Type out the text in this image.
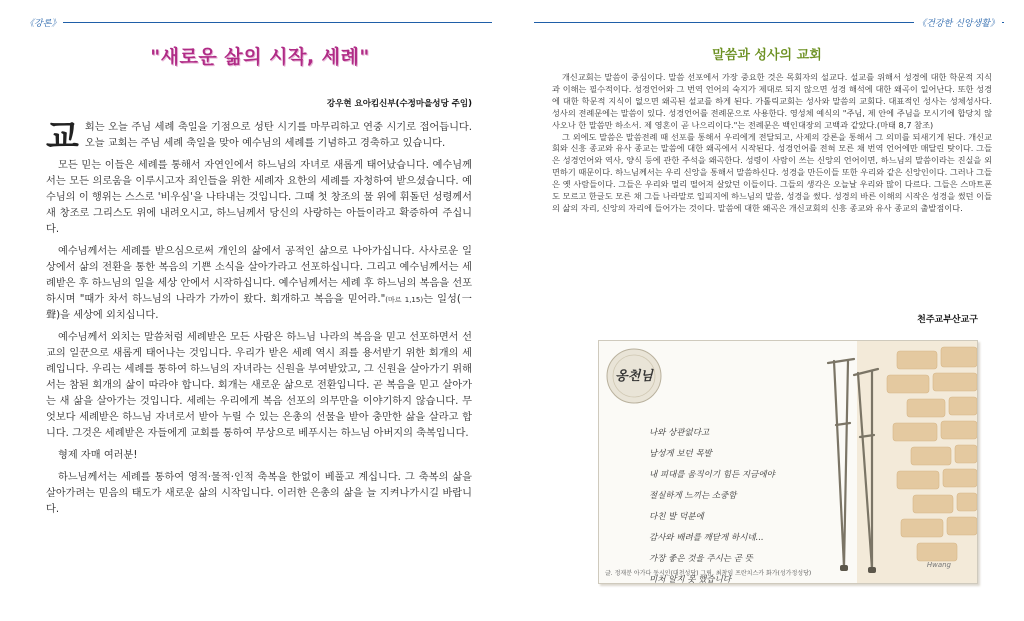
《강론》
"새로운 삶의 시작, 세례"
강우현 요아킴신부(수정마을성당 주임)

교회는 오늘 주님 세례 축일을 기점으로 성탄 시기를 마무리하고 연중 시기로 접어듭니다. 오늘 교회는 주님 세례 축일을 맞아 예수님의 세례를 기념하고 경축하고 있습니다.

모든 믿는 이들은 세례를 통해서 자연인에서 하느님의 자녀로 새롭게 태어났습니다. 예수님께서는 모든 의로움을 이루시고자 죄인들을 위한 세례자 요한의 세례를 자청하여 받으셨습니다. 예수님의 이 행위는 스스로 '비우심'을 나타내는 것입니다. 그때 첫 창조의 물 위에 휘돌던 성령께서 새 창조로 그리스도 위에 내려오시고, 하느님께서 당신의 사랑하는 아들이라고 확증하여 주십니다.

예수님께서는 세례를 받으심으로써 개인의 삶에서 공적인 삶으로 나아가십니다. 사사로운 일상에서 삶의 전환을 통한 복음의 기쁜 소식을 살아가라고 선포하십니다. 그리고 예수님께서는 세례받은 후 하느님의 일을 세상 안에서 시작하십니다. 예수님께서는 세례 후 하느님의 복음을 선포하시며 "때가 차서 하느님의 나라가 가까이 왔다. 회개하고 복음을 믿어라."(마르 1,15)는 일성(一聲)을 세상에 외치십니다.

예수님께서 외치는 말씀처럼 세례받은 모든 사람은 하느님 나라의 복음을 믿고 선포하면서 선교의 일꾼으로 새롭게 태어나는 것입니다. 우리가 받은 세례 역시 죄를 용서받기 위한 회개의 세례입니다. 우리는 세례를 통하여 하느님의 자녀라는 신원을 부여받았고, 그 신원을 살아가기 위해서는 참된 회개의 삶이 따라야 합니다. 회개는 새로운 삶으로 전환입니다. 곧 복음을 믿고 살아가는 새 삶을 살아가는 것입니다. 세례는 우리에게 복음 선포의 의무만을 이야기하지 않습니다. 무엇보다 세례받은 하느님 자녀로서 받아 누릴 수 있는 은총의 선물을 받아 충만한 삶을 살라고 합니다. 그것은 세례받은 자들에게 교회를 통하여 무상으로 베푸시는 하느님 아버지의 축복입니다.

형제 자매 여러분!

하느님께서는 세례를 통하여 영적·물적·인적 축복을 한없이 베풀고 계십니다. 그 축복의 삶을 살아가려는 믿음의 태도가 새로운 삶의 시작입니다. 이러한 은총의 삶을 늘 지켜나가시길 바랍니다.

《건강한 신앙생활》
말씀과 성사의 교회

개신교회는 말씀이 중심이다. 말씀 선포에서 가장 중요한 것은 목회자의 설교다. 설교를 위해서 성경에 대한 학문적 지식과 이해는 필수적이다. 성경언어와 그 번역 언어의 숙지가 제대로 되지 않으면 성경 해석에 대한 왜곡이 일어난다. 또한 성경에 대한 학문적 지식이 없으면 왜곡된 설교를 하게 된다. 가톨릭교회는 성사와 말씀의 교회다. 대표적인 성사는 성체성사다. 성사의 전례문에는 말씀이 있다. 성경언어를 전례문으로 사용한다. 영성체 예식의 "주님, 제 안에 주님을 모시기에 합당치 않사오나 한 말씀만 하소서. 제 영혼이 곧 나으리이다."는 전례문은 백인대장의 고백과 같았다.(마태 8,7 참조)

그 외에도 말씀은 말씀전례 때 선포를 통해서 우리에게 전달되고, 사제의 강론을 통해서 그 의미를 되새기게 된다. 개신교회와 신흥 종교와 유사 종교는 말씀에 대한 왜곡에서 시작된다. 성경언어를 전혀 모른 채 번역 언어에만 매달린 탓이다. 그들은 성경언어와 역사, 양식 등에 관한 주석을 왜곡한다. 성령이 사람이 쓰는 신앙의 언어이면, 하느님의 말씀이라는 진실을 외면하기 때문이다. 하느님께서는 우리 신앙을 통해서 말씀하신다. 성경을 만든이들 또한 우리와 같은 신앙인이다. 그러나 그들은 옛 사람들이다. 그들은 우리와 멀리 떨어져 살았던 이들이다. 그들의 생각은 오늘날 우리와 많이 다르다. 그들은 스마트폰도 모르고 한글도 모른 채 그들 나라말로 입피지에 하느님의 말씀, 성경을 썼다. 성경의 바른 이해의 시작은 성경을 썼던 이들의 삶의 자리, 신앙의 자리에 들어가는 것이다. 말씀에 대한 왜곡은 개신교회의 신흥 종교와 유사 종교의 출발점이다.

천주교부산교구
옹천님
나와 상관없다고
남성게 보던 목발
내 피대를 움직이기 힘든 지금에야
절실하게 느끼는 소중함
다친 발 덕분에
감사와 배려를 깨닫게 하시네...
가장 좋은 것을 주시는 곧 뜻
미처 알지 못 했습니다
Hwang
글. 정재분 아가다 동시인(대천성당) 그림. 최창임 프란치스카 화가(성가정성당)
